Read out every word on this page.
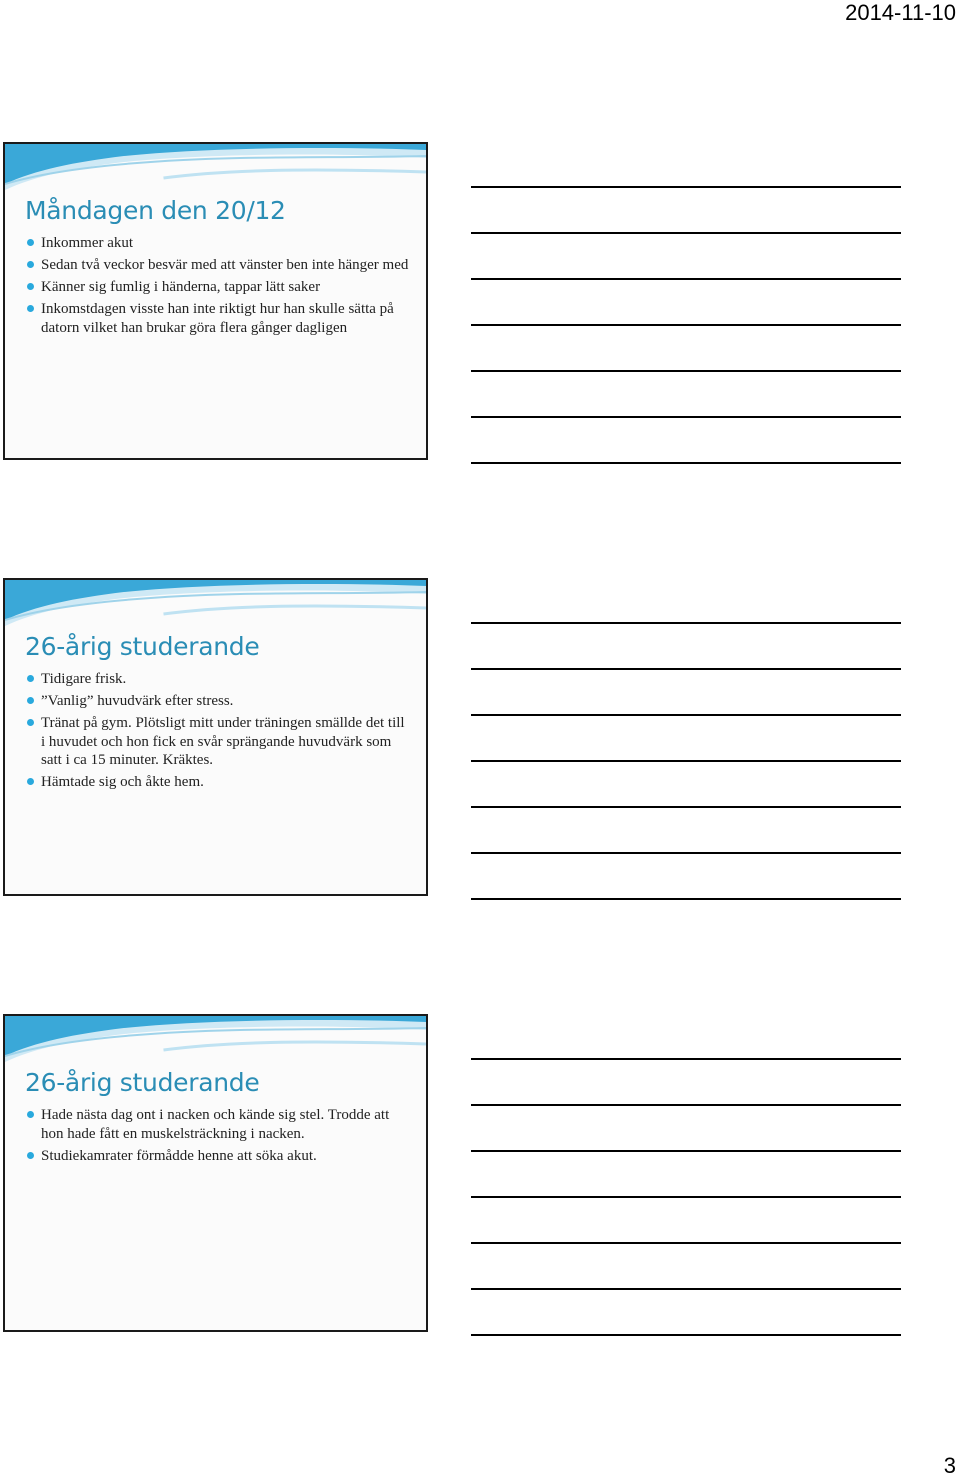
2014-11-10
Måndagen den 20/12
Inkommer akut
Sedan två veckor besvär med att vänster ben inte hänger med
Känner sig fumlig i händerna, tappar lätt saker
Inkomstdagen visste han inte riktigt hur han skulle sätta på datorn vilket han brukar göra flera gånger dagligen
26-årig studerande
Tidigare frisk.
”Vanlig” huvudvärk efter stress.
Tränat på gym. Plötsligt mitt under träningen smällde det till i huvudet och hon fick en svår sprängande huvudvärk som satt i ca 15 minuter. Kräktes.
Hämtade sig och åkte hem.
26-årig studerande
Hade nästa dag ont i nacken och kände sig stel. Trodde att hon hade fått en muskelsträckning i nacken.
Studiekamrater förmådde henne att söka akut.
3
